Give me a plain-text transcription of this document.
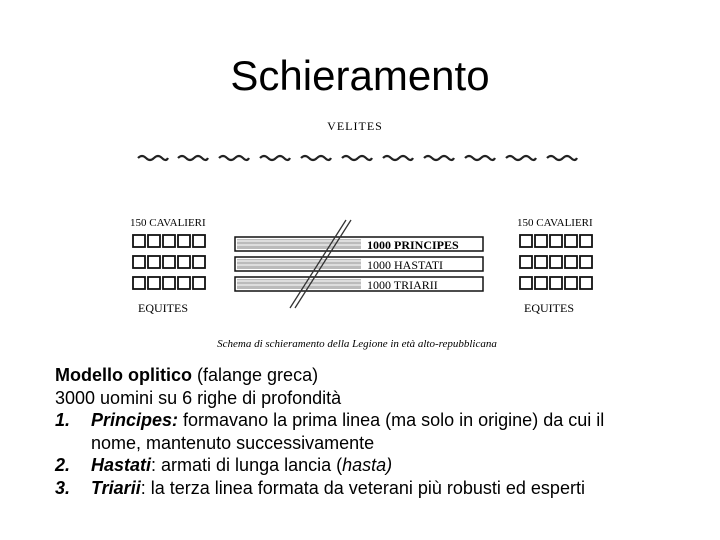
Schieramento
VELITES
150 CAVALIERI	150 CAVALIERI
EQUITES	EQUITES
1000 PRINCIPES
1000 HASTATI
1000 TRIARII
Schema di schieramento della Legione in età alto-repubblicana
Modello oplitico (falange greca)
3000 uomini su 6 righe di profondità
1. Principes: formavano la prima linea (ma solo in origine) da cui il
nome, mantenuto successivamente
2. Hastati: armati di lunga lancia (hasta)
3. Triarii: la terza linea formata da veterani più robusti ed esperti
